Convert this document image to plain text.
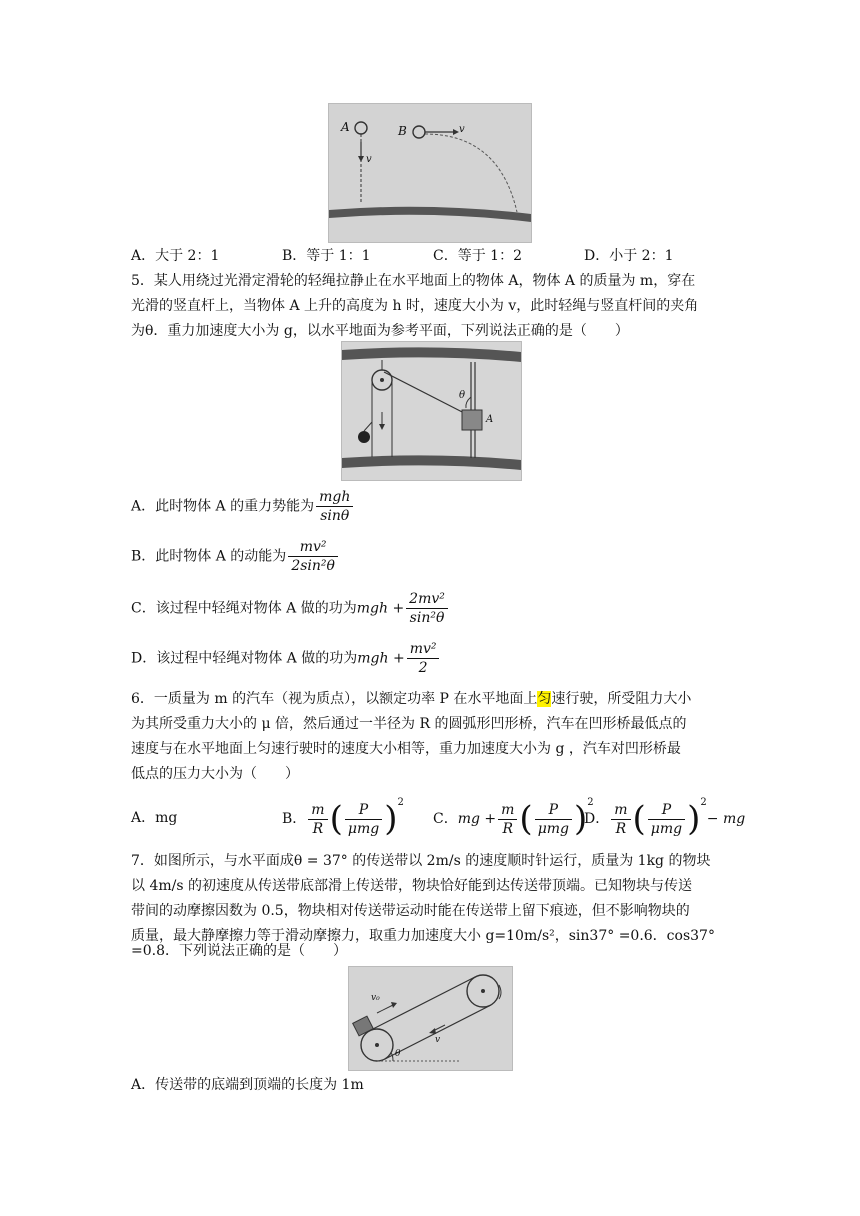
A	B
v
v
A．大于 2：1	B．等于 1：1	C．等于 1：2	D．小于 2：1
5．某人用绕过光滑定滑轮的轻绳拉静止在水平地面上的物体 A，物体 A 的质量为 m，穿在
光滑的竖直杆上，当物体 A 上升的高度为 h 时，速度大小为 v，此时轻绳与竖直杆间的夹角
为θ．重力加速度大小为 g，以水平地面为参考平面，下列说法正确的是（　　）
θ
A
A．此时物体 A 的重力势能为 $\frac{\text{mgh}}{\sin\theta}$
B．此时物体 A 的动能为 $\frac{\text{mv²}}{\text{2sin²θ}}$
C．该过程中轻绳对物体 A 做的功为mgh + $\frac{\text{2mv²}}{\text{sin²θ}}$
D．该过程中轻绳对物体 A 做的功为mgh + $\frac{\text{mv²}}{2}$
6．一质量为 m 的汽车（视为质点），以额定功率 P 在水平地面上匀速行驶，所受阻力大小
为其所受重力大小的 μ 倍，然后通过一半径为 R 的圆弧形凹形桥，汽车在凹形桥最低点的
速度与在水平地面上匀速行驶时的速度大小相等，重力加速度大小为 g ，汽车对凹形桥最
低点的压力大小为（　　）
A．mg	B． $\frac{m}{R}$ ( $\frac{P}{\text{μmg}} )^2$
C．mg + $\frac{m}{R}$ ( $\frac{P}{\text{μmg}} )^2$
D． $\frac{m}{R}$ ( $\frac{P}{\text{μmg}} )^2-$ mg
7．如图所示，与水平面成θ = 37° 的传送带以 2m/s 的速度顺时针运行，质量为 1kg 的物块
以 4m/s 的初速度从传送带底部滑上传送带，物块恰好能到达传送带顶端。已知物块与传送
带间的动摩擦因数为 0.5，物块相对传送带运动时能在传送带上留下痕迹，但不影响物块的
质量，最大静摩擦力等于滑动摩擦力，取重力加速度大小 g=10m/s²，sin37° =0.6．cos37°
=0.8．下列说法正确的是（　　）
v₀
v
θ
A．传送带的底端到顶端的长度为 1m
